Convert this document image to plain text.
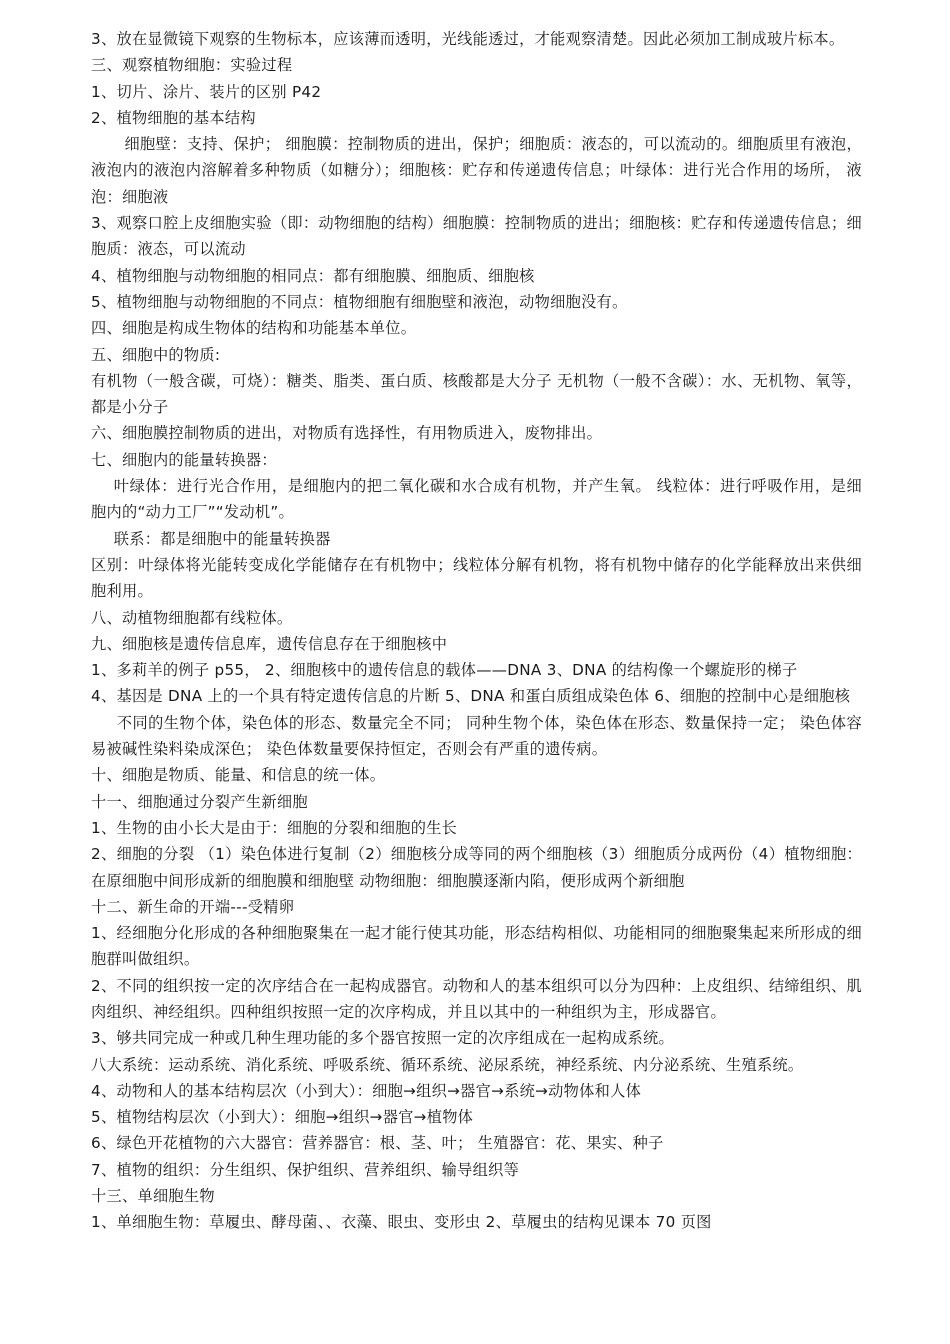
3、放在显微镜下观察的生物标本，应该薄而透明，光线能透过，才能观察清楚。因此必须加工制成玻片标本。

三、观察植物细胞：实验过程

1、切片、涂片、装片的区别 P42

2、植物细胞的基本结构

细胞壁：支持、保护； 细胞膜：控制物质的进出，保护；细胞质：液态的，可以流动的。细胞质里有液泡，液泡内的液泡内溶解着多种物质（如糖分）；细胞核：贮存和传递遗传信息；叶绿体：进行光合作用的场所， 液泡：细胞液

3、观察口腔上皮细胞实验（即：动物细胞的结构）细胞膜：控制物质的进出；细胞核：贮存和传递遗传信息；细胞质：液态，可以流动

4、植物细胞与动物细胞的相同点：都有细胞膜、细胞质、细胞核

5、植物细胞与动物细胞的不同点：植物细胞有细胞壁和液泡，动物细胞没有。

四、细胞是构成生物体的结构和功能基本单位。

五、细胞中的物质:

有机物（一般含碳，可烧）：糖类、脂类、蛋白质、核酸都是大分子 无机物（一般不含碳）：水、无机物、氧等，都是小分子

六、细胞膜控制物质的进出，对物质有选择性，有用物质进入，废物排出。

七、细胞内的能量转换器：

叶绿体：进行光合作用，是细胞内的把二氧化碳和水合成有机物，并产生氧。 线粒体：进行呼吸作用，是细胞内的“动力工厂”“发动机”。

联系：都是细胞中的能量转换器

区别：叶绿体将光能转变成化学能储存在有机物中；线粒体分解有机物，将有机物中储存的化学能释放出来供细胞利用。

八、动植物细胞都有线粒体。

九、细胞核是遗传信息库，遗传信息存在于细胞核中

1、多莉羊的例子 p55， 2、细胞核中的遗传信息的载体——DNA 3、DNA 的结构像一个螺旋形的梯子

4、基因是 DNA 上的一个具有特定遗传信息的片断 5、DNA 和蛋白质组成染色体 6、细胞的控制中心是细胞核

不同的生物个体，染色体的形态、数量完全不同； 同种生物个体，染色体在形态、数量保持一定； 染色体容易被碱性染料染成深色； 染色体数量要保持恒定，否则会有严重的遗传病。

十、细胞是物质、能量、和信息的统一体。

十一、细胞通过分裂产生新细胞

1、生物的由小长大是由于：细胞的分裂和细胞的生长

2、细胞的分裂 （1）染色体进行复制（2）细胞核分成等同的两个细胞核（3）细胞质分成两份（4）植物细胞：在原细胞中间形成新的细胞膜和细胞壁 动物细胞：细胞膜逐渐内陷，便形成两个新细胞

十二、新生命的开端---受精卵

1、经细胞分化形成的各种细胞聚集在一起才能行使其功能，形态结构相似、功能相同的细胞聚集起来所形成的细胞群叫做组织。

2、不同的组织按一定的次序结合在一起构成器官。动物和人的基本组织可以分为四种：上皮组织、结缔组织、肌肉组织、神经组织。四种组织按照一定的次序构成，并且以其中的一种组织为主，形成器官。

3、够共同完成一种或几种生理功能的多个器官按照一定的次序组成在一起构成系统。

八大系统：运动系统、消化系统、呼吸系统、循环系统、泌尿系统，神经系统、内分泌系统、生殖系统。

4、动物和人的基本结构层次（小到大）：细胞→组织→器官→系统→动物体和人体

5、植物结构层次（小到大）：细胞→组织→器官→植物体

6、绿色开花植物的六大器官：营养器官：根、茎、叶； 生殖器官：花、果实、种子

7、植物的组织：分生组织、保护组织、营养组织、输导组织等

十三、单细胞生物

1、单细胞生物：草履虫、酵母菌、、衣藻、眼虫、变形虫 2、草履虫的结构见课本 70 页图
